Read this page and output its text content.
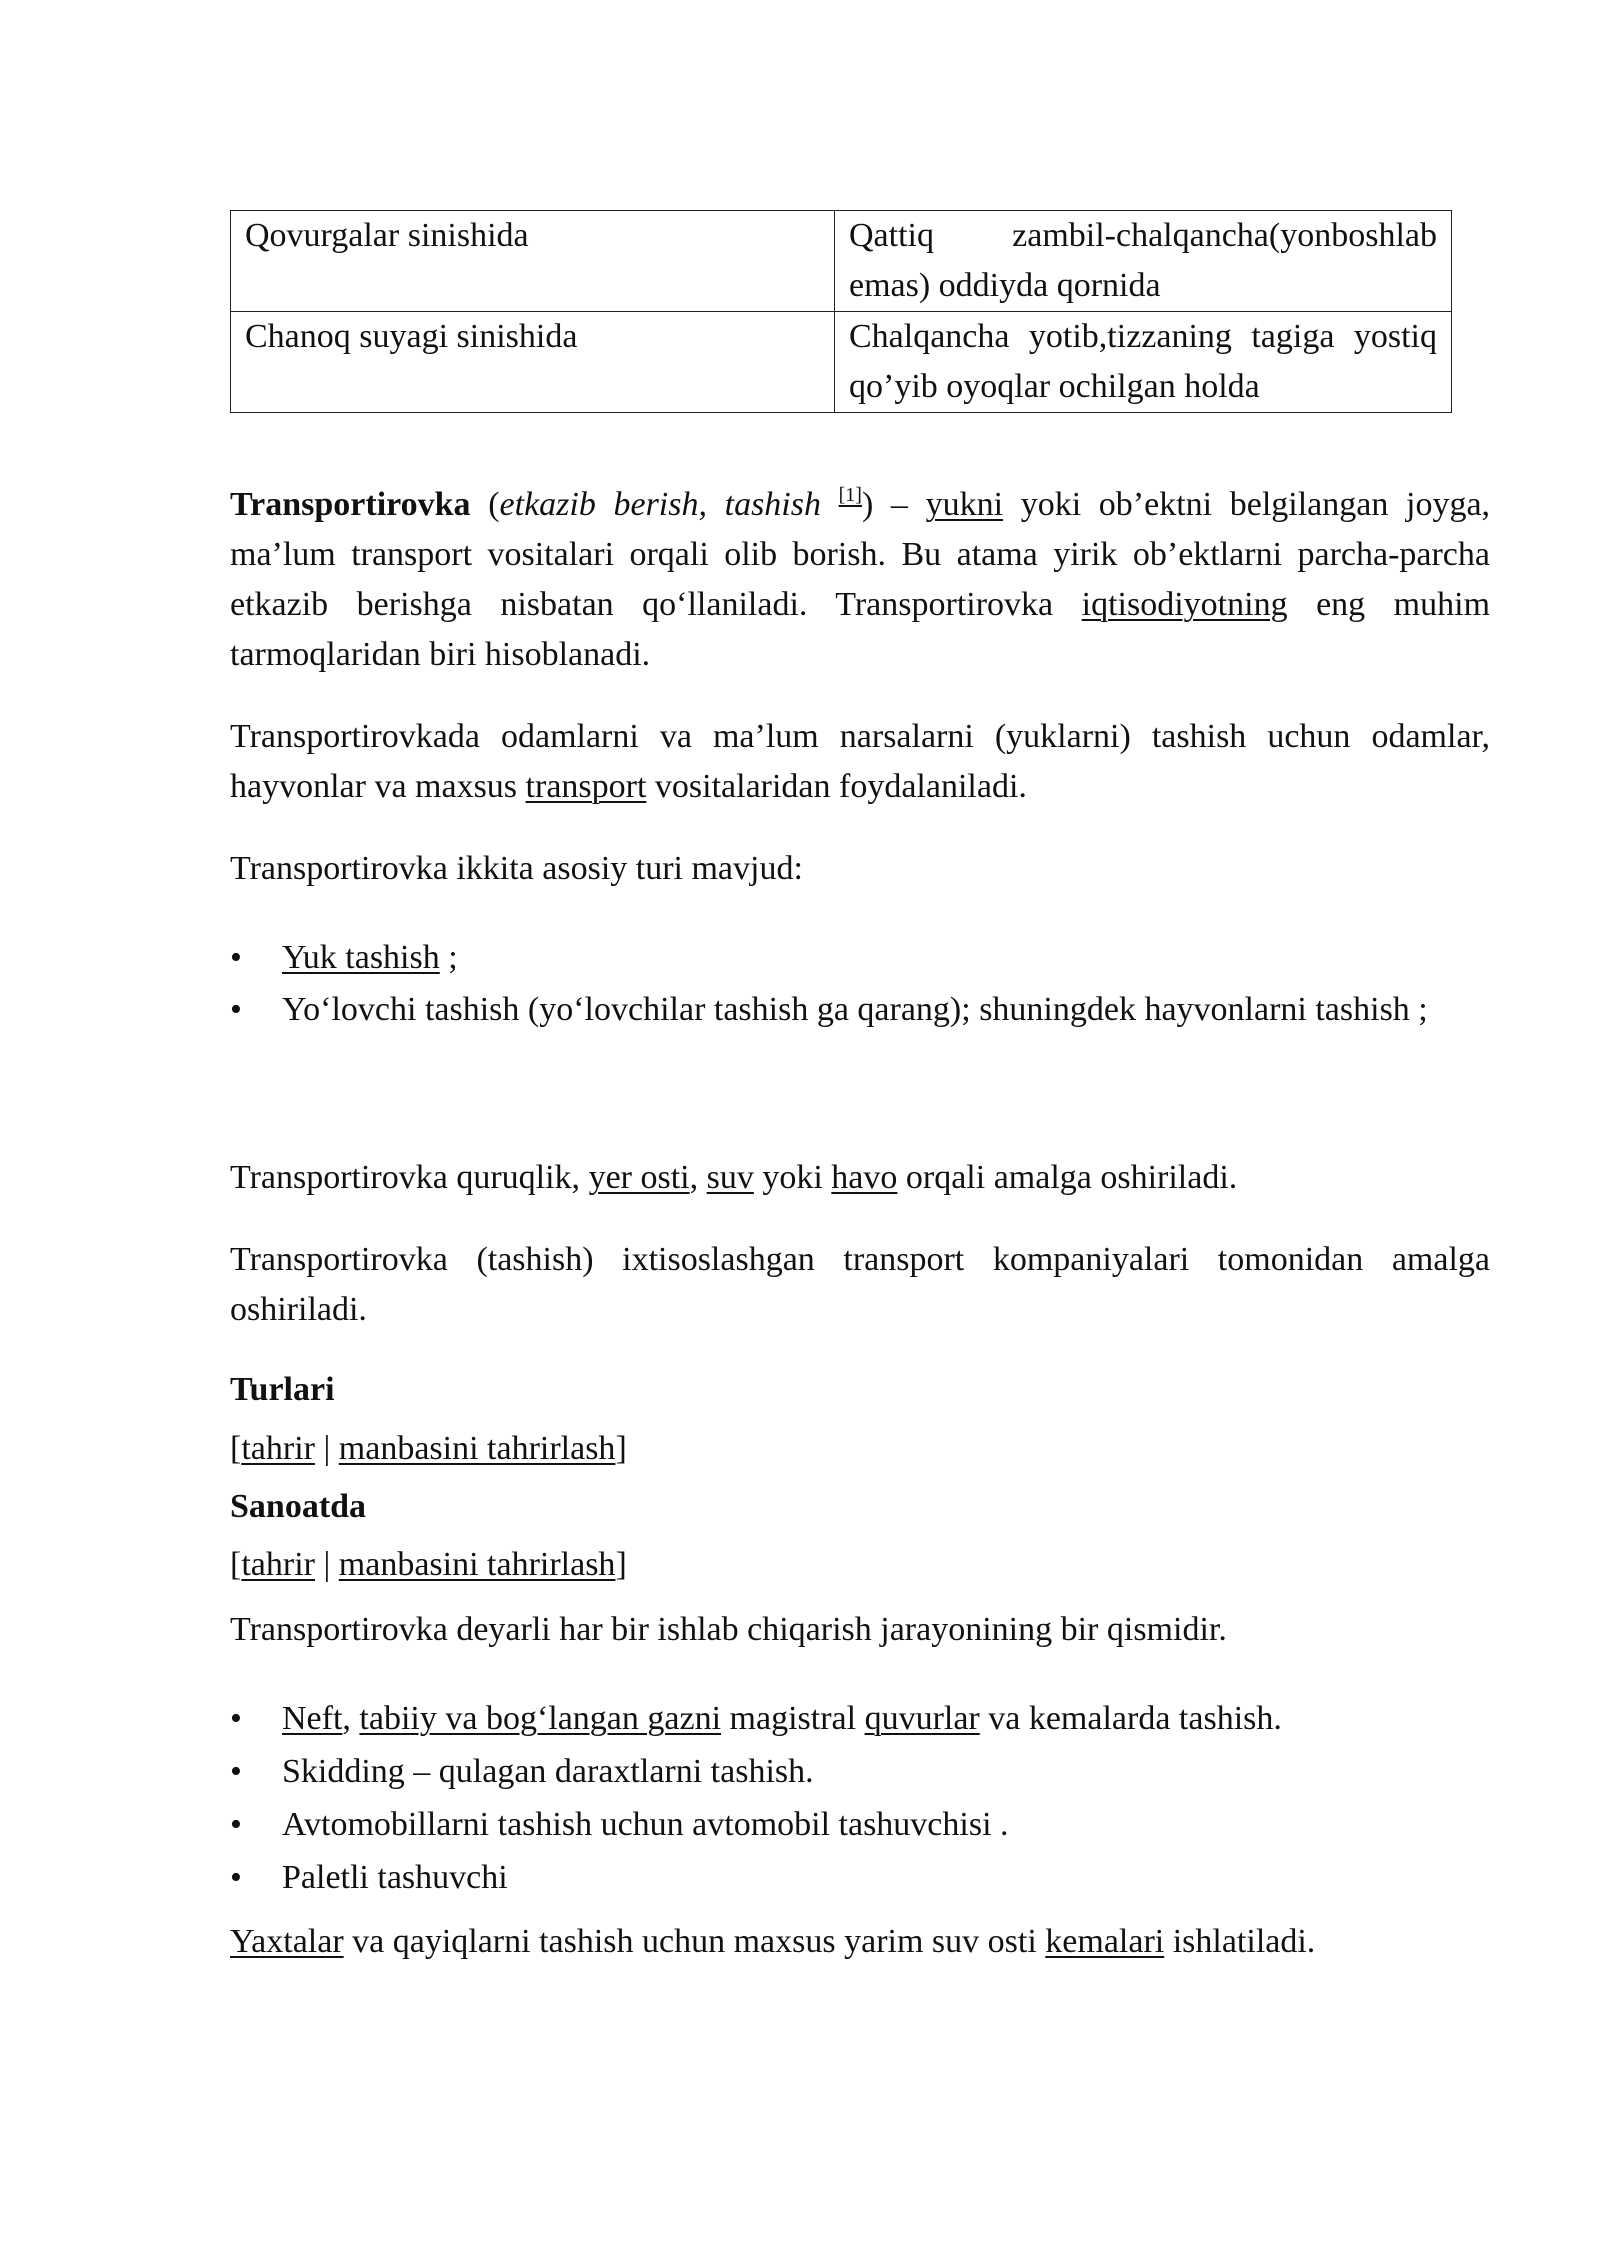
Qovurgalar sinishida	Qattiq zambil-chalqancha(yonboshlab emas) oddiyda qornida
Chanoq suyagi sinishida	Chalqancha yotib,tizzaning tagiga yostiq qo’yib oyoqlar ochilgan holda
Transportirovka (etkazib berish, tashish [1]) – yukni yoki ob’ektni belgilangan joyga, ma’lum transport vositalari orqali olib borish. Bu atama yirik ob’ektlarni parcha-parcha etkazib berishga nisbatan qo‘llaniladi. Transportirovka iqtisodiyotning eng muhim tarmoqlaridan biri hisoblanadi.
Transportirovkada odamlarni va ma’lum narsalarni (yuklarni) tashish uchun odamlar, hayvonlar va maxsus transport vositalaridan foydalaniladi.
Transportirovka ikkita asosiy turi mavjud:
• Yuk tashish ;
• Yo‘lovchi tashish (yo‘lovchilar tashish ga qarang); shuningdek hayvonlarni tashish ;
Transportirovka quruqlik, yer osti, suv yoki havo orqali amalga oshiriladi.
Transportirovka (tashish) ixtisoslashgan transport kompaniyalari tomonidan amalga oshiriladi.
Turlari
[tahrir | manbasini tahrirlash]
Sanoatda
[tahrir | manbasini tahrirlash]
Transportirovka deyarli har bir ishlab chiqarish jarayonining bir qismidir.
• Neft, tabiiy va bog‘langan gazni magistral quvurlar va kemalarda tashish.
• Skidding – qulagan daraxtlarni tashish.
• Avtomobillarni tashish uchun avtomobil tashuvchisi .
• Paletli tashuvchi
Yaxtalar va qayiqlarni tashish uchun maxsus yarim suv osti kemalari ishlatiladi.
